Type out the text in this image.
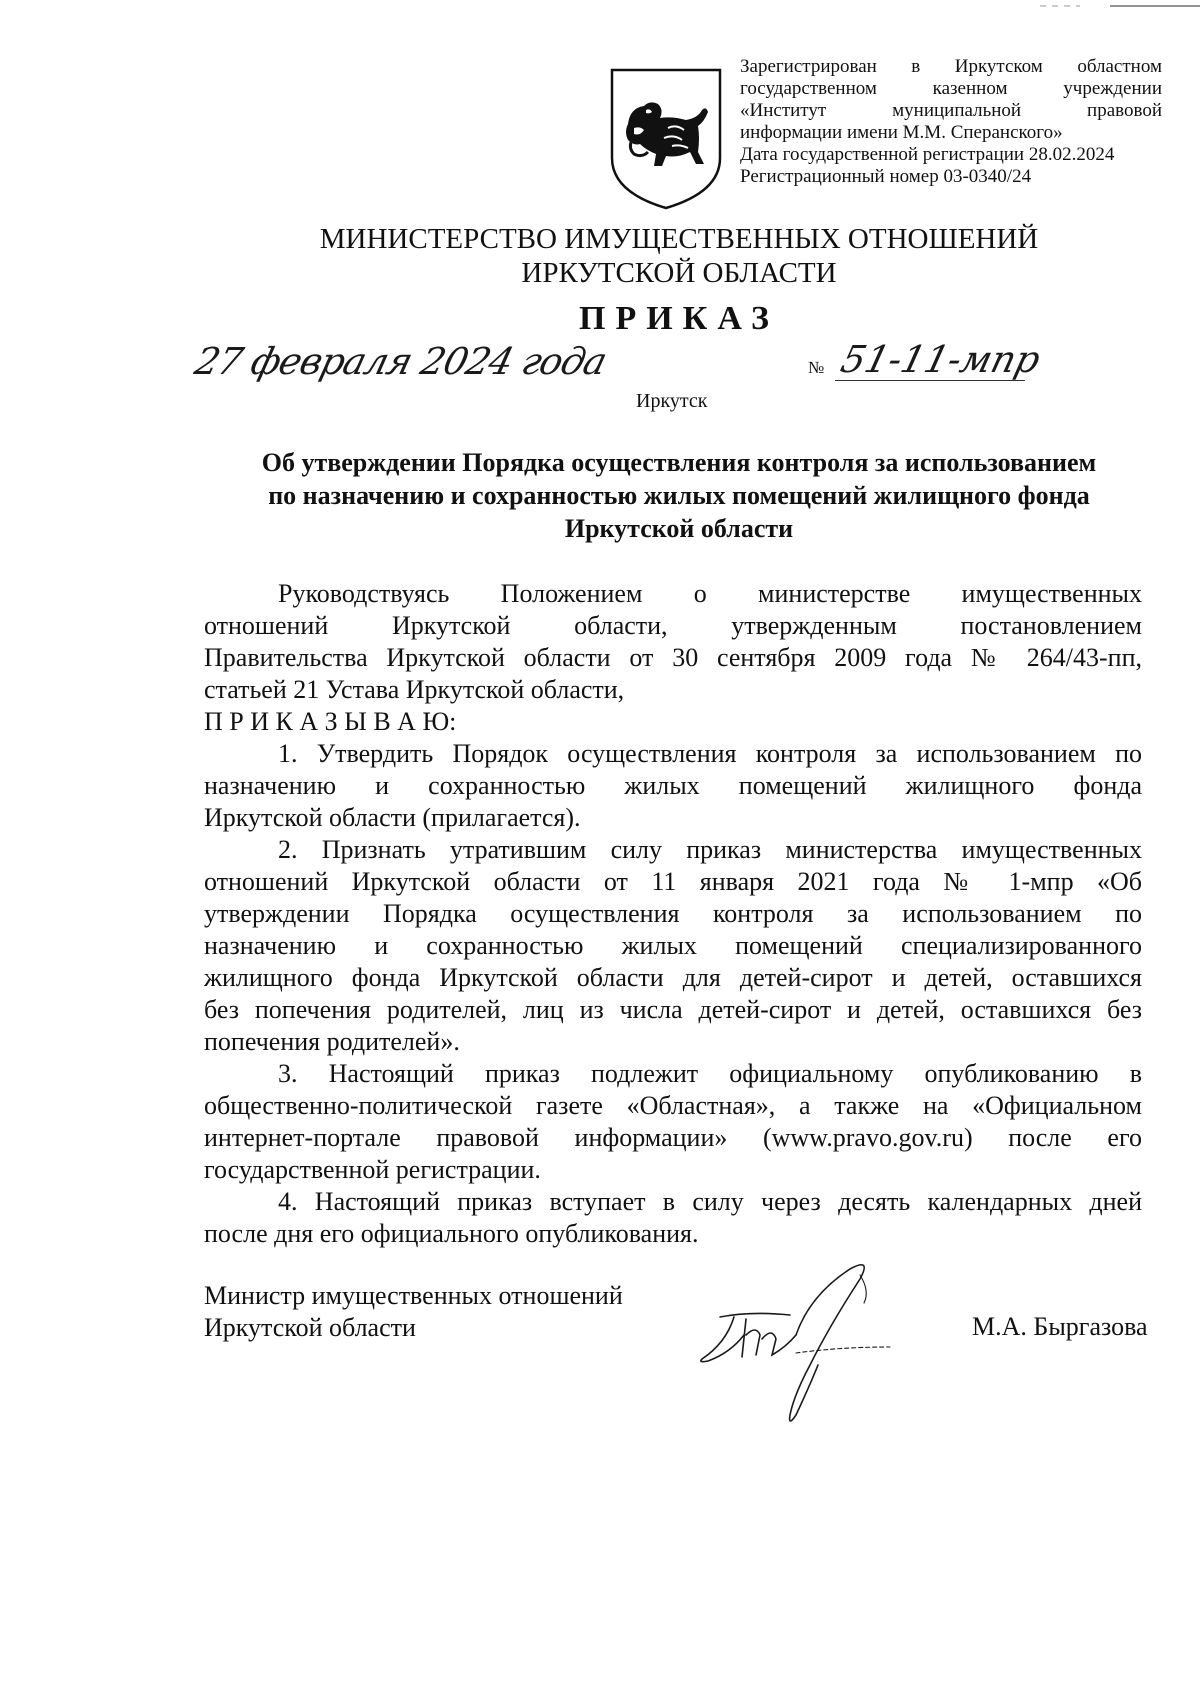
Зарегистрирован в Иркутском областном
государственном казенном учреждении
«Институт муниципальной правовой
информации имени М.М. Сперанского»
Дата государственной регистрации 28.02.2024
Регистрационный номер 03-0340/24
МИНИСТЕРСТВО ИМУЩЕСТВЕННЫХ ОТНОШЕНИЙ
ИРКУТСКОЙ ОБЛАСТИ
ПРИКАЗ
27 февраля 2024 года	№ 51-11-мпр
Иркутск
Об утверждении Порядка осуществления контроля за использованием
по назначению и сохранностью жилых помещений жилищного фонда
Иркутской области
Руководствуясь Положением о министерстве имущественных
отношений Иркутской области, утвержденным постановлением
Правительства Иркутской области от 30 сентября 2009 года № 264/43-пп,
статьей 21 Устава Иркутской области,
П Р И К А З Ы В А Ю:
1. Утвердить Порядок осуществления контроля за использованием по
назначению и сохранностью жилых помещений жилищного фонда
Иркутской области (прилагается).
2. Признать утратившим силу приказ министерства имущественных
отношений Иркутской области от 11 января 2021 года № 1-мпр «Об
утверждении Порядка осуществления контроля за использованием по
назначению и сохранностью жилых помещений специализированного
жилищного фонда Иркутской области для детей-сирот и детей, оставшихся
без попечения родителей, лиц из числа детей-сирот и детей, оставшихся без
попечения родителей».
3. Настоящий приказ подлежит официальному опубликованию в
общественно-политической газете «Областная», а также на «Официальном
интернет-портале правовой информации» (www.pravo.gov.ru) после его
государственной регистрации.
4. Настоящий приказ вступает в силу через десять календарных дней
после дня его официального опубликования.
Министр имущественных отношений
Иркутской области	М.А. Быргазова
